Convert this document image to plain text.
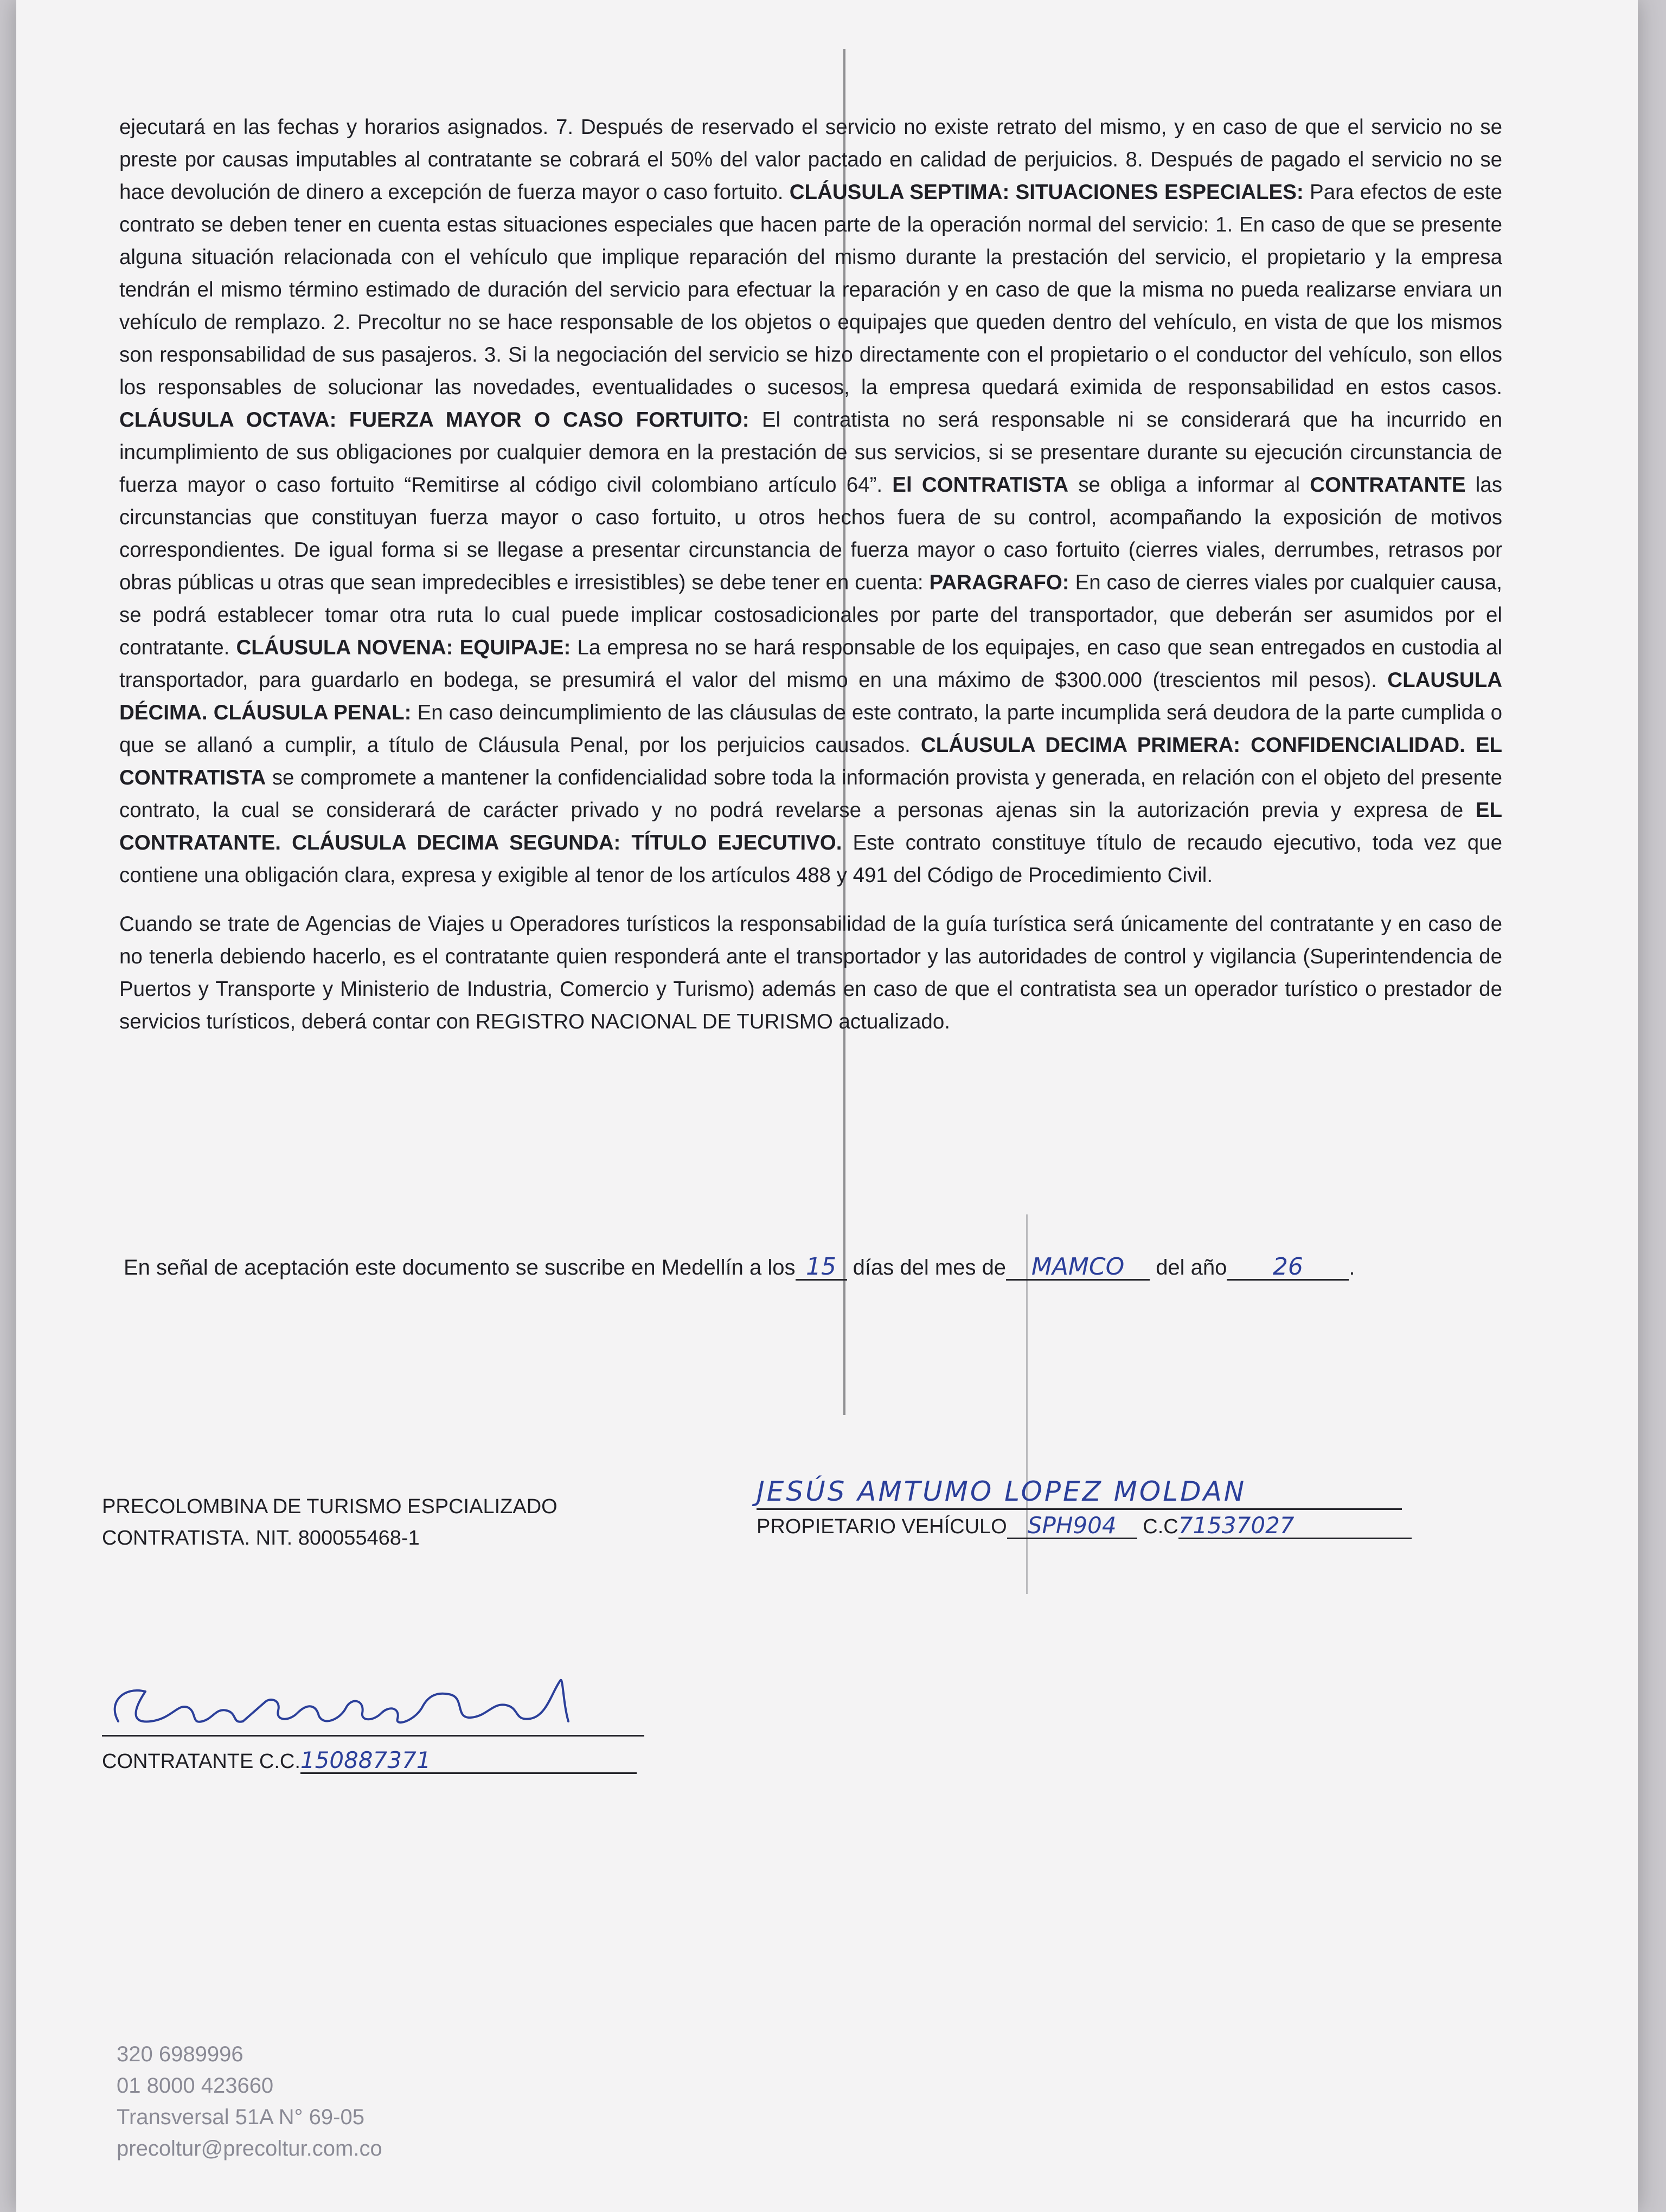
ejecutará en las fechas y horarios asignados. 7. Después de reservado el servicio no existe retrato del mismo, y en caso de que el servicio no se preste por causas imputables al contratante se cobrará el 50% del valor pactado en calidad de perjuicios. 8. Después de pagado el servicio no se hace devolución de dinero a excepción de fuerza mayor o caso fortuito. CLÁUSULA SEPTIMA: SITUACIONES ESPECIALES: Para efectos de este contrato se deben tener en cuenta estas situaciones especiales que hacen parte de la operación normal del servicio: 1. En caso de que se presente alguna situación relacionada con el vehículo que implique reparación del mismo durante la prestación del servicio, el propietario y la empresa tendrán el mismo término estimado de duración del servicio para efectuar la reparación y en caso de que la misma no pueda realizarse enviara un vehículo de remplazo. 2. Precoltur no se hace responsable de los objetos o equipajes que queden dentro del vehículo, en vista de que los mismos son responsabilidad de sus pasajeros. 3. Si la negociación del servicio se hizo directamente con el propietario o el conductor del vehículo, son ellos los responsables de solucionar las novedades, eventualidades o sucesos, la empresa quedará eximida de responsabilidad en estos casos. CLÁUSULA OCTAVA: FUERZA MAYOR O CASO FORTUITO: El contratista no será responsable ni se considerará que ha incurrido en incumplimiento de sus obligaciones por cualquier demora en la prestación de sus servicios, si se presentare durante su ejecución circunstancia de fuerza mayor o caso fortuito “Remitirse al código civil colombiano artículo 64”. El CONTRATISTA se obliga a informar al CONTRATANTE las circunstancias que constituyan fuerza mayor o caso fortuito, u otros hechos fuera de su control, acompañando la exposición de motivos correspondientes. De igual forma si se llegase a presentar circunstancia de fuerza mayor o caso fortuito (cierres viales, derrumbes, retrasos por obras públicas u otras que sean impredecibles e irresistibles) se debe tener en cuenta: PARAGRAFO: En caso de cierres viales por cualquier causa, se podrá establecer tomar otra ruta lo cual puede implicar costosadicionales por parte del transportador, que deberán ser asumidos por el contratante. CLÁUSULA NOVENA: EQUIPAJE: La empresa no se hará responsable de los equipajes, en caso que sean entregados en custodia al transportador, para guardarlo en bodega, se presumirá el valor del mismo en una máximo de $300.000 (trescientos mil pesos). CLAUSULA DÉCIMA. CLÁUSULA PENAL: En caso deincumplimiento de las cláusulas de este contrato, la parte incumplida será deudora de la parte cumplida o que se allanó a cumplir, a título de Cláusula Penal, por los perjuicios causados. CLÁUSULA DECIMA PRIMERA: CONFIDENCIALIDAD. EL CONTRATISTA se compromete a mantener la confidencialidad sobre toda la información provista y generada, en relación con el objeto del presente contrato, la cual se considerará de carácter privado y no podrá revelarse a personas ajenas sin la autorización previa y expresa de EL CONTRATANTE. CLÁUSULA DECIMA SEGUNDA: TÍTULO EJECUTIVO. Este contrato constituye título de recaudo ejecutivo, toda vez que contiene una obligación clara, expresa y exigible al tenor de los artículos 488 y 491 del Código de Procedimiento Civil.

Cuando se trate de Agencias de Viajes u Operadores turísticos la responsabilidad de la guía turística será únicamente del contratante y en caso de no tenerla debiendo hacerlo, es el contratante quien responderá ante el transportador y las autoridades de control y vigilancia (Superintendencia de Puertos y Transporte y Ministerio de Industria, Comercio y Turismo) además en caso de que el contratista sea un operador turístico o prestador de servicios turísticos, deberá contar con REGISTRO NACIONAL DE TURISMO actualizado.

En señal de aceptación este documento se suscribe en Medellín a los 15 días del mes de MAMCO del año 26 .
PRECOLOMBINA DE TURISMO ESPCIALIZADO
CONTRATISTA. NIT. 800055468-1
JESÚS AMTUMO LOPEZ MOLDAN
PROPIETARIO VEHÍCULO SPH904 C.C71537027
CONTRATANTE C.C.150887371
320 6989996
01 8000 423660
Transversal 51A N° 69-05
precoltur@precoltur.com.co
